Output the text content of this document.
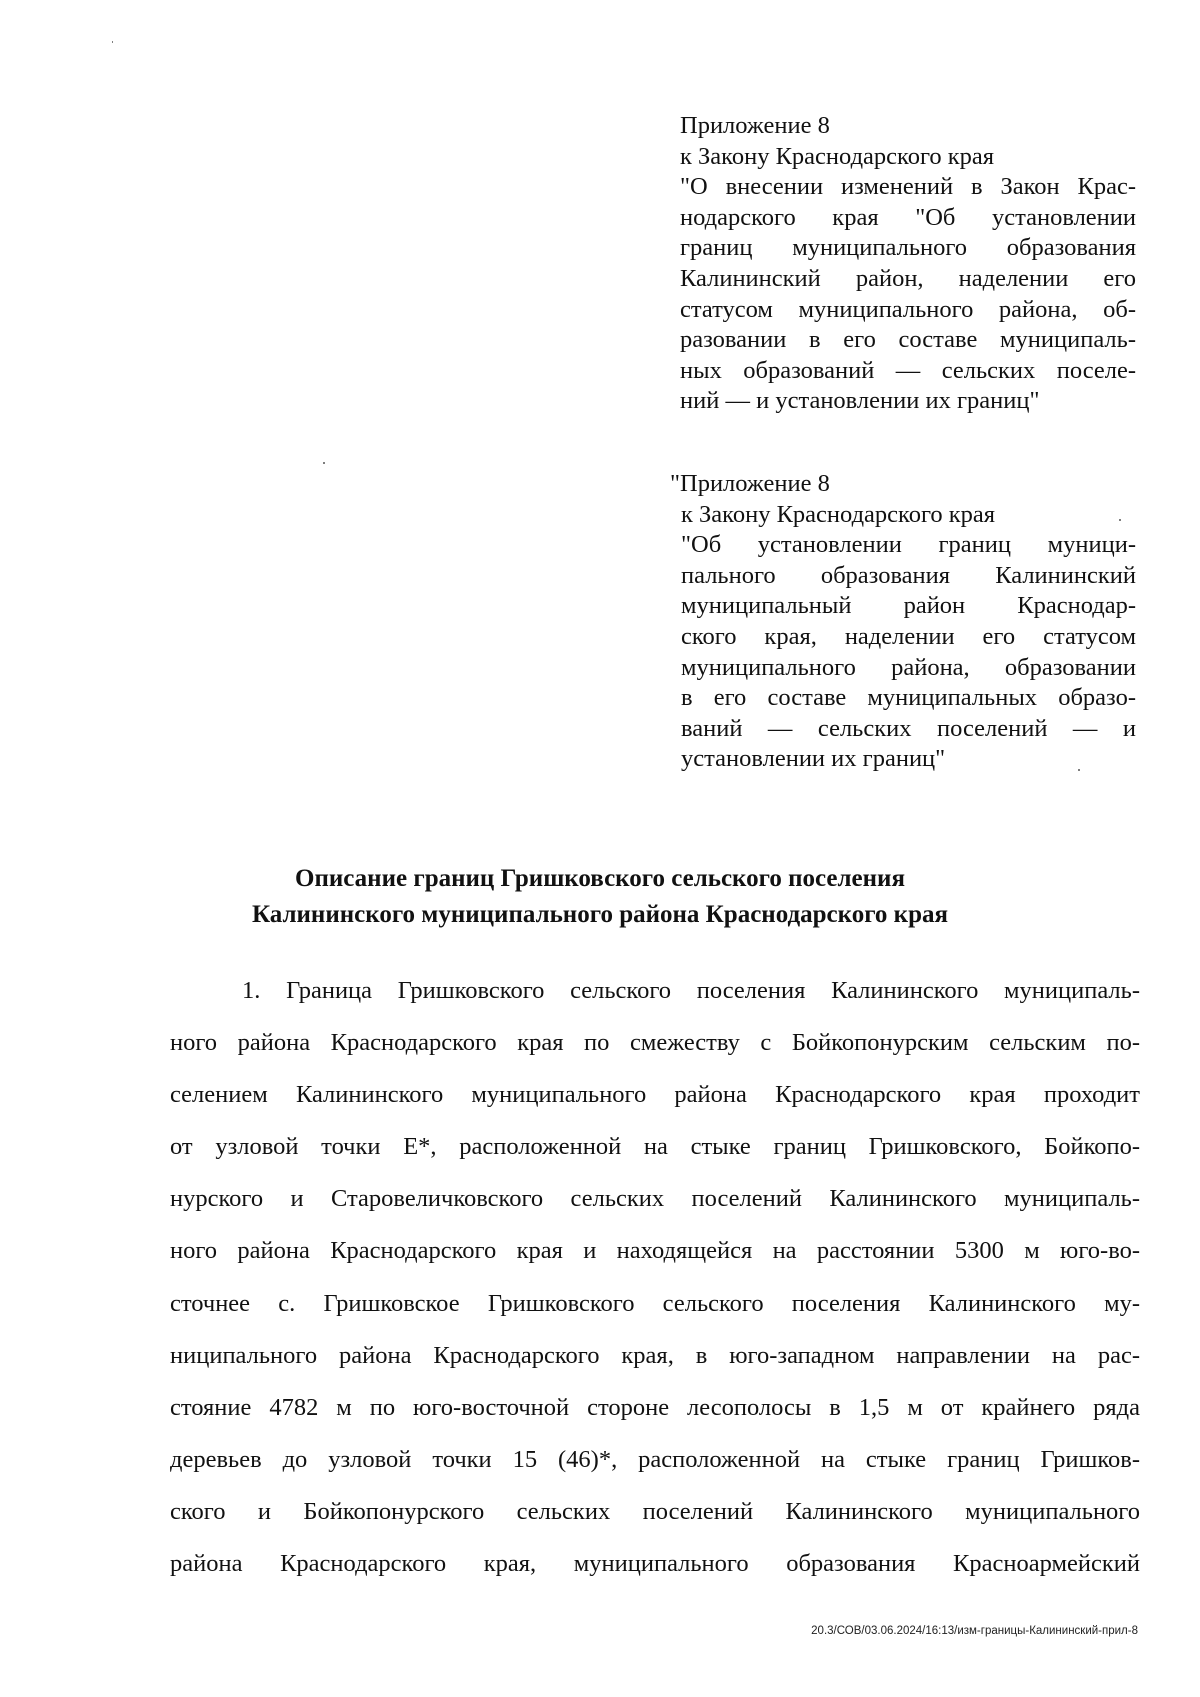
Приложение 8
к Закону Краснодарского края
"О внесении изменений в Закон Крас-
нодарского края "Об установлении
границ муниципального образования
Калининский район, наделении его
статусом муниципального района, об-
разовании в его составе муниципаль-
ных образований — сельских поселе-
ний — и установлении их границ"
"Приложение 8
к Закону Краснодарского края
"Об установлении границ муници-
пального образования Калининский
муниципальный район Краснодар-
ского края, наделении его статусом
муниципального района, образовании
в его составе муниципальных образо-
ваний — сельских поселений — и
установлении их границ"
Описание границ Гришковского сельского поселения
Калининского муниципального района Краснодарского края
1. Граница Гришковского сельского поселения Калининского муниципаль-
ного района Краснодарского края по смежеству с Бойкопонурским сельским по-
селением Калининского муниципального района Краснодарского края проходит
от узловой точки Е*, расположенной на стыке границ Гришковского, Бойкопо-
нурского и Старовеличковского сельских поселений Калининского муниципаль-
ного района Краснодарского края и находящейся на расстоянии 5300 м юго-во-
сточнее с. Гришковское Гришковского сельского поселения Калининского му-
ниципального района Краснодарского края, в юго-западном направлении на рас-
стояние 4782 м по юго-восточной стороне лесополосы в 1,5 м от крайнего ряда
деревьев до узловой точки 15 (46)*, расположенной на стыке границ Гришков-
ского и Бойкопонурского сельских поселений Калининского муниципального
района Краснодарского края, муниципального образования Красноармейский
20.3/СОВ/03.06.2024/16:13/изм-границы-Калининский-прил-8
